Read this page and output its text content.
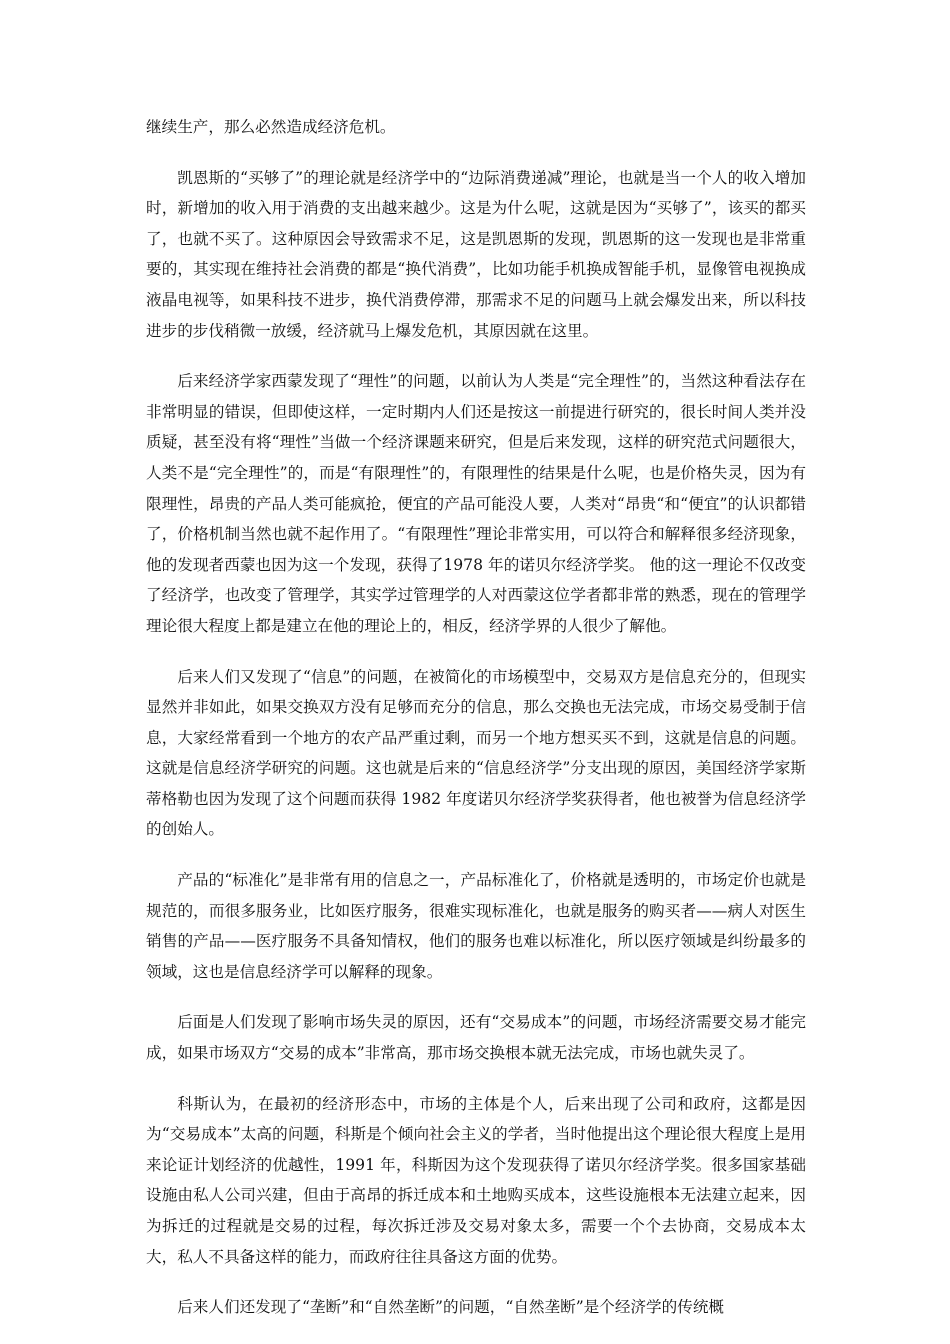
继续生产，那么必然造成经济危机。

凯恩斯的“买够了”的理论就是经济学中的“边际消费递减”理论，也就是当一个人的收入增加时，新增加的收入用于消费的支出越来越少。这是为什么呢，这就是因为“买够了”，该买的都买了，也就不买了。这种原因会导致需求不足，这是凯恩斯的发现，凯恩斯的这一发现也是非常重要的，其实现在维持社会消费的都是“换代消费”，比如功能手机换成智能手机，显像管电视换成液晶电视等，如果科技不进步，换代消费停滞，那需求不足的问题马上就会爆发出来，所以科技进步的步伐稍微一放缓，经济就马上爆发危机，其原因就在这里。

后来经济学家西蒙发现了“理性”的问题，以前认为人类是“完全理性”的，当然这种看法存在非常明显的错误，但即使这样，一定时期内人们还是按这一前提进行研究的，很长时间人类并没质疑，甚至没有将“理性”当做一个经济课题来研究，但是后来发现，这样的研究范式问题很大，人类不是“完全理性”的，而是“有限理性”的，有限理性的结果是什么呢，也是价格失灵，因为有限理性，昂贵的产品人类可能疯抢，便宜的产品可能没人要，人类对“昂贵“和“便宜”的认识都错了，价格机制当然也就不起作用了。“有限理性”理论非常实用，可以符合和解释很多经济现象，他的发现者西蒙也因为这一个发现，获得了1978 年的诺贝尔经济学奖。 他的这一理论不仅改变了经济学，也改变了管理学，其实学过管理学的人对西蒙这位学者都非常的熟悉，现在的管理学理论很大程度上都是建立在他的理论上的，相反，经济学界的人很少了解他。

后来人们又发现了“信息”的问题，在被简化的市场模型中，交易双方是信息充分的，但现实显然并非如此，如果交换双方没有足够而充分的信息，那么交换也无法完成，市场交易受制于信息，大家经常看到一个地方的农产品严重过剩，而另一个地方想买买不到，这就是信息的问题。这就是信息经济学研究的问题。这也就是后来的“信息经济学”分支出现的原因，美国经济学家斯蒂格勒也因为发现了这个问题而获得 1982 年度诺贝尔经济学奖获得者，他也被誉为信息经济学的创始人。

产品的“标准化”是非常有用的信息之一，产品标准化了，价格就是透明的，市场定价也就是规范的，而很多服务业，比如医疗服务，很难实现标准化，也就是服务的购买者——病人对医生销售的产品——医疗服务不具备知情权，他们的服务也难以标准化，所以医疗领域是纠纷最多的领域，这也是信息经济学可以解释的现象。

后面是人们发现了影响市场失灵的原因，还有“交易成本”的问题，市场经济需要交易才能完成，如果市场双方“交易的成本”非常高，那市场交换根本就无法完成，市场也就失灵了。

科斯认为，在最初的经济形态中，市场的主体是个人，后来出现了公司和政府，这都是因为“交易成本”太高的问题，科斯是个倾向社会主义的学者，当时他提出这个理论很大程度上是用来论证计划经济的优越性，1991 年，科斯因为这个发现获得了诺贝尔经济学奖。很多国家基础设施由私人公司兴建，但由于高昂的拆迁成本和土地购买成本，这些设施根本无法建立起来，因为拆迁的过程就是交易的过程，每次拆迁涉及交易对象太多，需要一个个去协商，交易成本太大，私人不具备这样的能力，而政府往往具备这方面的优势。

后来人们还发现了“垄断”和“自然垄断”的问题，“自然垄断”是个经济学的传统概
